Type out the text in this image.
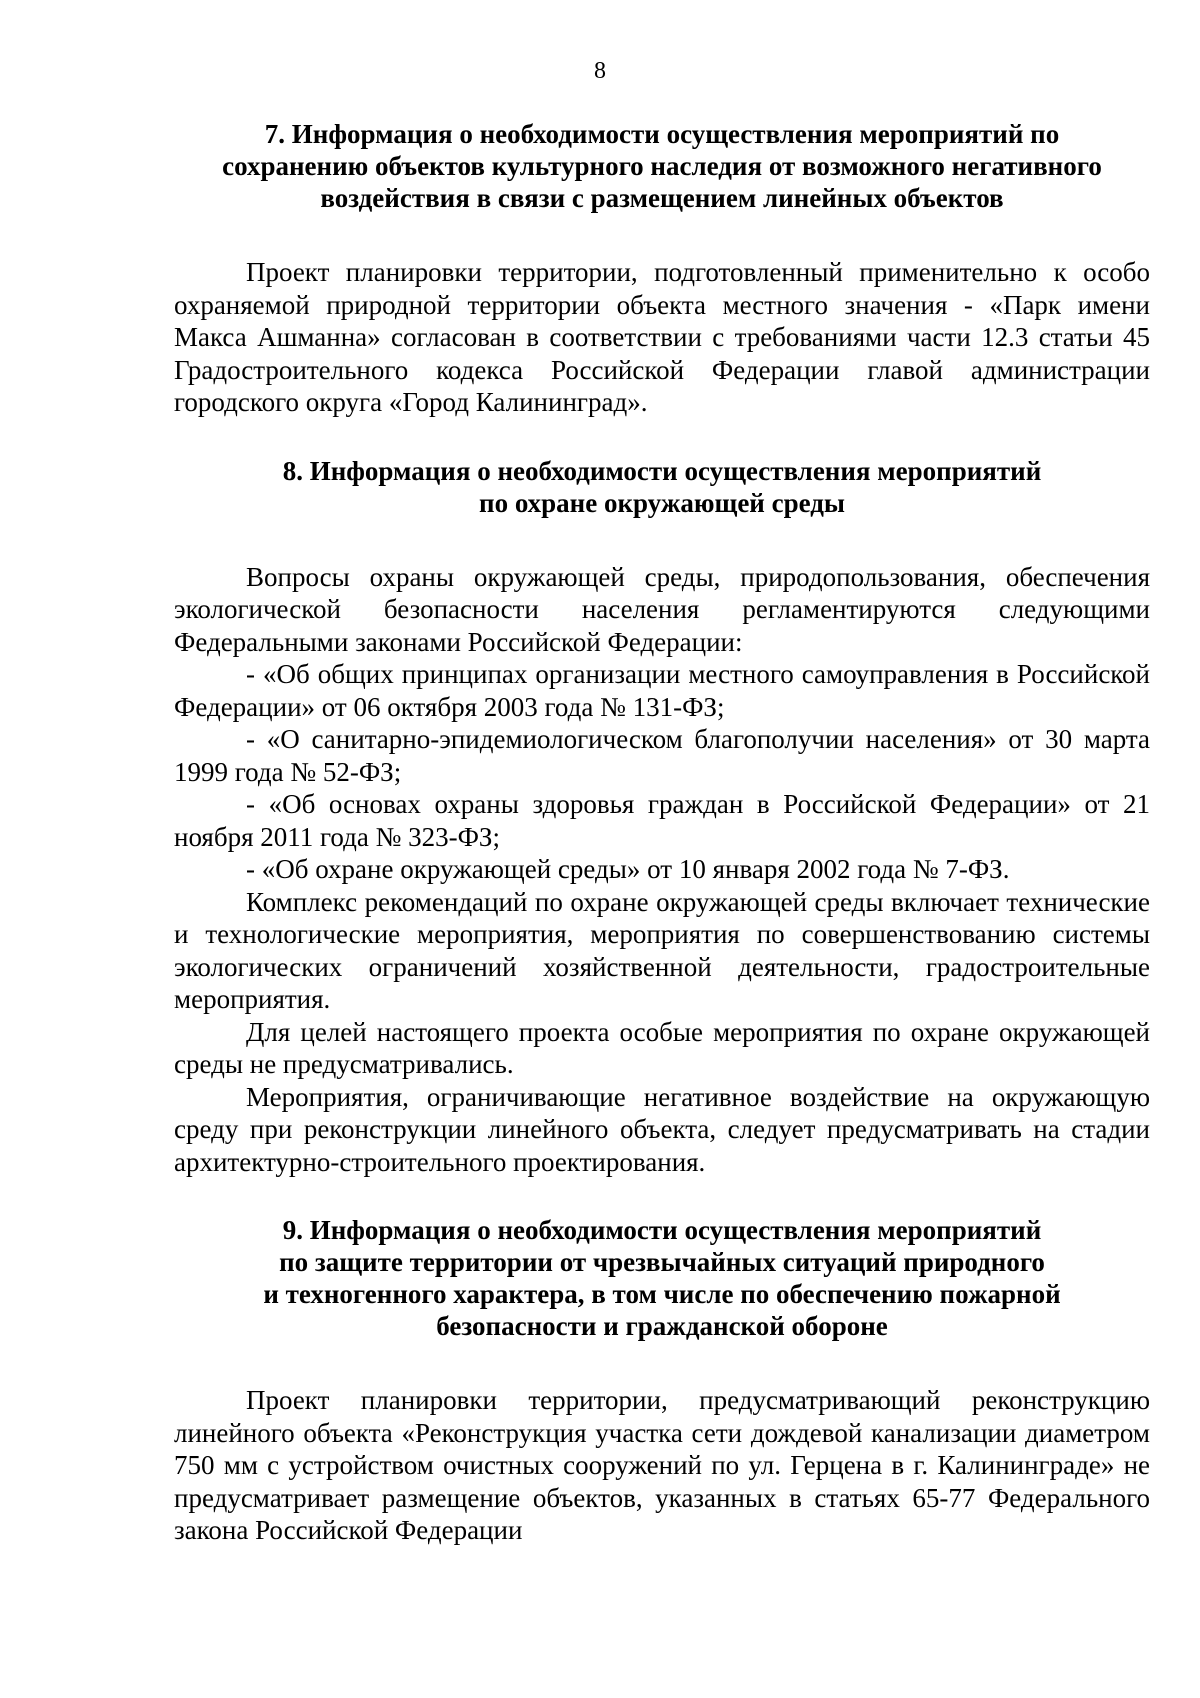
8
7. Информация о необходимости осуществления мероприятий по
сохранению объектов культурного наследия от возможного негативного
воздействия в связи с размещением линейных объектов

Проект планировки территории, подготовленный применительно к особо охраняемой природной территории объекта местного значения - «Парк имени Макса Ашманна» согласован в соответствии с требованиями части 12.3 статьи 45 Градостроительного кодекса Российской Федерации главой администрации городского округа «Город Калининград».

8. Информация о необходимости осуществления мероприятий
по охране окружающей среды

Вопросы охраны окружающей среды, природопользования, обеспечения экологической безопасности населения регламентируются следующими Федеральными законами Российской Федерации:

- «Об общих принципах организации местного самоуправления в Российской Федерации» от 06 октября 2003 года № 131-ФЗ;

- «О санитарно-эпидемиологическом благополучии населения» от 30 марта 1999 года № 52-ФЗ;

- «Об основах охраны здоровья граждан в Российской Федерации» от 21 ноября 2011 года № 323-ФЗ;

- «Об охране окружающей среды» от 10 января 2002 года № 7-ФЗ.

Комплекс рекомендаций по охране окружающей среды включает технические и технологические мероприятия, мероприятия по совершенствованию системы экологических ограничений хозяйственной деятельности, градостроительные мероприятия.

Для целей настоящего проекта особые мероприятия по охране окружающей среды не предусматривались.

Мероприятия, ограничивающие негативное воздействие на окружающую среду при реконструкции линейного объекта, следует предусматривать на стадии архитектурно-строительного проектирования.

9. Информация о необходимости осуществления мероприятий
по защите территории от чрезвычайных ситуаций природного
и техногенного характера, в том числе по обеспечению пожарной
безопасности и гражданской обороне

Проект планировки территории, предусматривающий реконструкцию линейного объекта «Реконструкция участка сети дождевой канализации диаметром 750 мм с устройством очистных сооружений по ул. Герцена в г. Калининграде» не предусматривает размещение объектов, указанных в статьях 65-77 Федерального закона Российской Федерации
